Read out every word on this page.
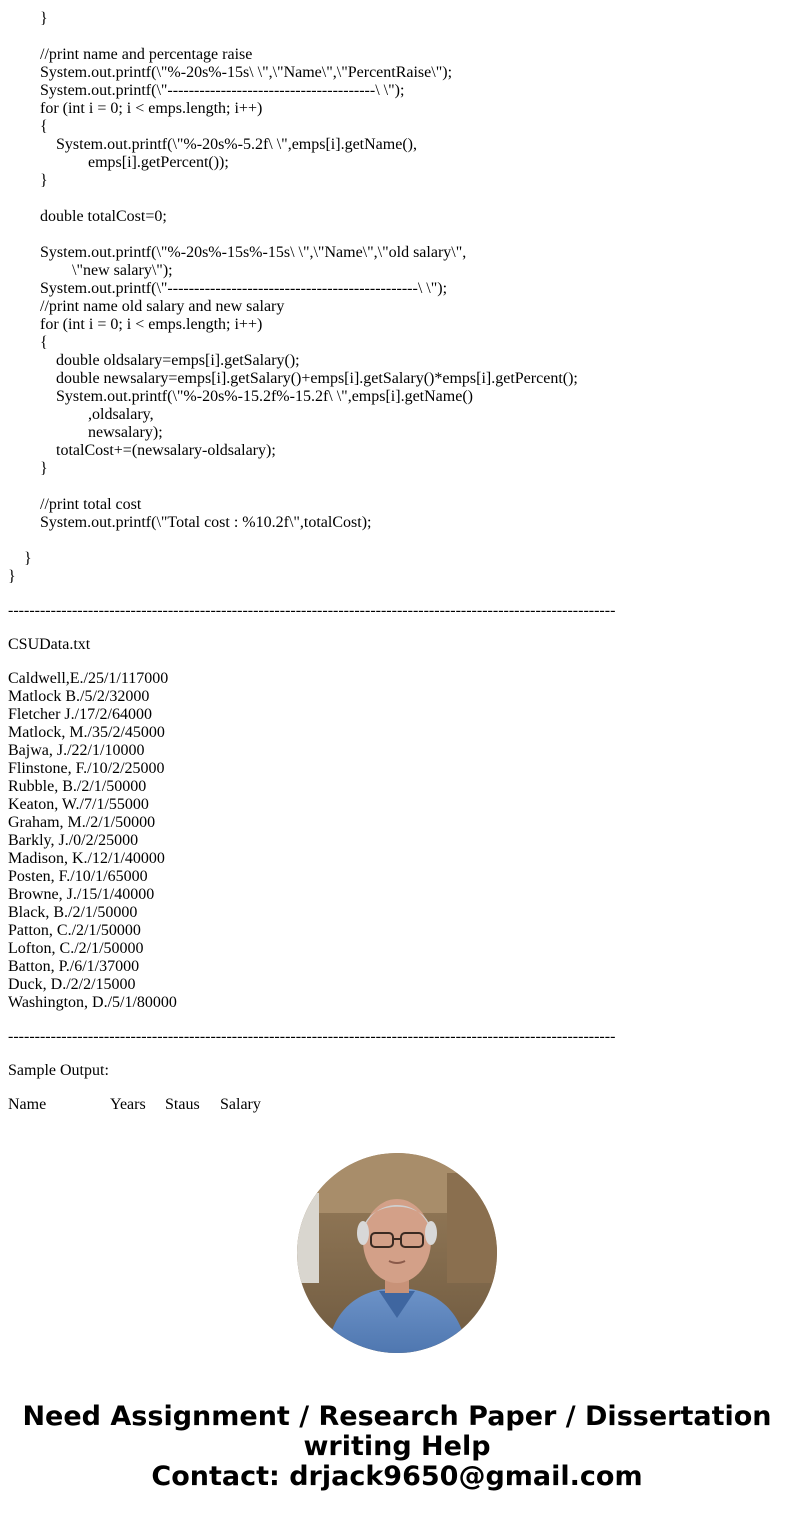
}
//print name and percentage raise
System.out.printf(\"%-20s%-15s\ \",\"Name\",\"PercentRaise\");
System.out.printf(\"---------------------------------------\ \");
for (int i = 0; i < emps.length; i++)
{
System.out.printf(\"%-20s%-5.2f\ \",emps[i].getName(),
emps[i].getPercent());
}
double totalCost=0;
System.out.printf(\"%-20s%-15s%-15s\ \",\"Name\",\"old salary\",
\"new salary\");
System.out.printf(\"-----------------------------------------------\ \");
//print name old salary and new salary
for (int i = 0; i < emps.length; i++)
{
double oldsalary=emps[i].getSalary();
double newsalary=emps[i].getSalary()+emps[i].getSalary()*emps[i].getPercent();
System.out.printf(\"%-20s%-15.2f%-15.2f\ \",emps[i].getName()
,oldsalary,
newsalary);
totalCost+=(newsalary-oldsalary);
}
//print total cost
System.out.printf(\"Total cost : %10.2f\",totalCost);
}
}
------------------------------------------------------------------------------------------------------------------
CSUData.txt
Caldwell,E./25/1/117000
Matlock B./5/2/32000
Fletcher J./17/2/64000
Matlock, M./35/2/45000
Bajwa, J./22/1/10000
Flinstone, F./10/2/25000
Rubble, B./2/1/50000
Keaton, W./7/1/55000
Graham, M./2/1/50000
Barkly, J./0/2/25000
Madison, K./12/1/40000
Posten, F./10/1/65000
Browne, J./15/1/40000
Black, B./2/1/50000
Patton, C./2/1/50000
Lofton, C./2/1/50000
Batton, P./6/1/37000
Duck, D./2/2/15000
Washington, D./5/1/80000
------------------------------------------------------------------------------------------------------------------
Sample Output:
Name	Years Staus Salary
Need Assignment / Research Paper / Dissertation
writing Help
Contact: drjack9650@gmail.com
